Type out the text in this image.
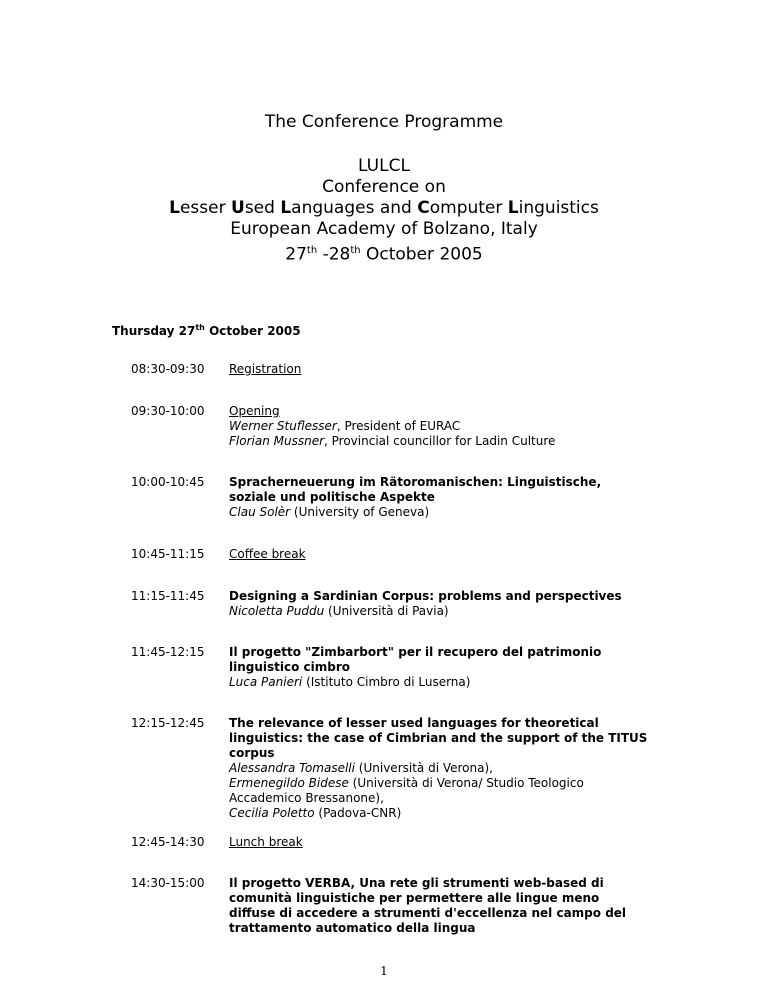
The Conference Programme
LULCL
Conference on
Lesser Used Languages and Computer Linguistics
European Academy of Bolzano, Italy
27th -28th October 2005
Thursday 27th October 2005
08:30-09:30	Registration
09:30-10:00	Opening
Werner Stuflesser, President of EURAC
Florian Mussner, Provincial councillor for Ladin Culture
10:00-10:45	Spracherneuerung im Rätoromanischen: Linguistische, soziale und politische Aspekte
Clau Solèr (University of Geneva)
10:45-11:15	Coffee break
11:15-11:45	Designing a Sardinian Corpus: problems and perspectives
Nicoletta Puddu (Università di Pavia)
11:45-12:15	Il progetto "Zimbarbort" per il recupero del patrimonio linguistico cimbro
Luca Panieri (Istituto Cimbro di Luserna)
12:15-12:45	The relevance of lesser used languages for theoretical linguistics: the case of Cimbrian and the support of the TITUS corpus
Alessandra Tomaselli (Università di Verona),
Ermenegildo Bidese (Università di Verona/ Studio Teologico Accademico Bressanone),
Cecilia Poletto (Padova-CNR)
12:45-14:30	Lunch break
14:30-15:00	Il progetto VERBA, Una rete gli strumenti web-based di comunità linguistiche per permettere alle lingue meno diffuse di accedere a strumenti d'eccellenza nel campo del trattamento automatico della lingua
1
